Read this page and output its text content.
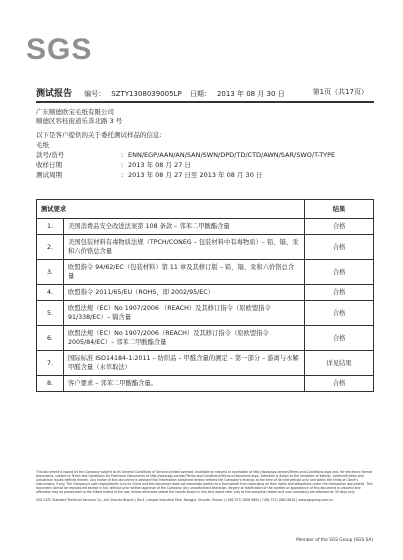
SGS
测试报告 编号： SZTY1308039005LP 日期： 2013 年 08 月 30 日	第1页（共17页）
广东顺德欧宝毛纸有限公司
顺德区容桂街道乐善北路 3 号
以下是客户提供的关于委托测试样品的信息:
毛纸
款号/货号	: ENN/EGP/AAN/AN/SAN/SWN/DPD/TD/CTD/AWN/SAR/SWO/T-TYPE
收样日期	: 2013 年 08 月 27 日
测试周期	: 2013 年 08 月 27 日至 2013 年 08 月 30 日
测试要求		结果
1.	美国消费品安全改进法案第 108 条款 – 邻苯二甲酸酯含量	合格
2.	美国包装材料有毒物质法规（TPCH/CONEG – 包装材料中有毒物质）– 铅、镉、汞和六价铬总含量	合格
3.	欧盟指令 94/62/EC（包装材料）第 11 章及其修订版 – 铅、镉、汞和六价铬总含量	合格
4.	欧盟指令 2011/65/EU（ROHS，即 2002/95/EC）	合格
5.	欧盟法规（EC）No 1907/2006 （REACH）及其修订指令（原欧盟指令 91/338/EC）– 镉含量	合格
6.	欧盟法规（EC）No 1907/2006（REACH）及其修订指令（原欧盟指令 2005/84/EC）– 邻苯二甲酸酯含量	合格
7.	国际标准 ISO14184-1:2011 – 纺织品 – 甲醛含量的测定 – 第一部分 – 游离与水解甲醛含量（水萃取法）	详见结果
8.	客户要求 – 邻苯二甲酸酯含量。	合格

This document is issued by the Company subject to its General Conditions of Service printed overleaf, available on request or accessible at http://www.sgs.com/en/Terms-and-Conditions.aspx and, for electronic format documents, subject to Terms and Conditions for Electronic Documents at http://www.sgs.com/en/Terms-and-Conditions/Terms-e-Document.aspx. Attention is drawn to the limitation of liability, indemnification and jurisdiction issues defined therein. Any holder of this document is advised that information contained hereon reflects the Company's findings at the time of its intervention only and within the limits of Client's instructions, if any. The Company's sole responsibility is to its Client and this document does not exonerate parties to a transaction from exercising all their rights and obligations under the transaction documents. This document cannot be reproduced except in full, without prior written approval of the Company. Any unauthorized alteration, forgery or falsification of the content or appearance of this document is unlawful and offenders may be prosecuted to the fullest extent of the law. Unless otherwise stated the results shown in this test report refer only to the sample(s) tested and such sample(s) are retained for 30 days only.

SGS-CSTC Standard Technical Services Co., Ltd. Shunde Branch | No.4, Lianghe Industrial Park, Ronggui, Shunde, Foshan | t (86-757) 2808 8600 | f (86-757) 2880 8818 | www.sgsgroup.com.cn
Member of the SGS Group (SGS SA)
